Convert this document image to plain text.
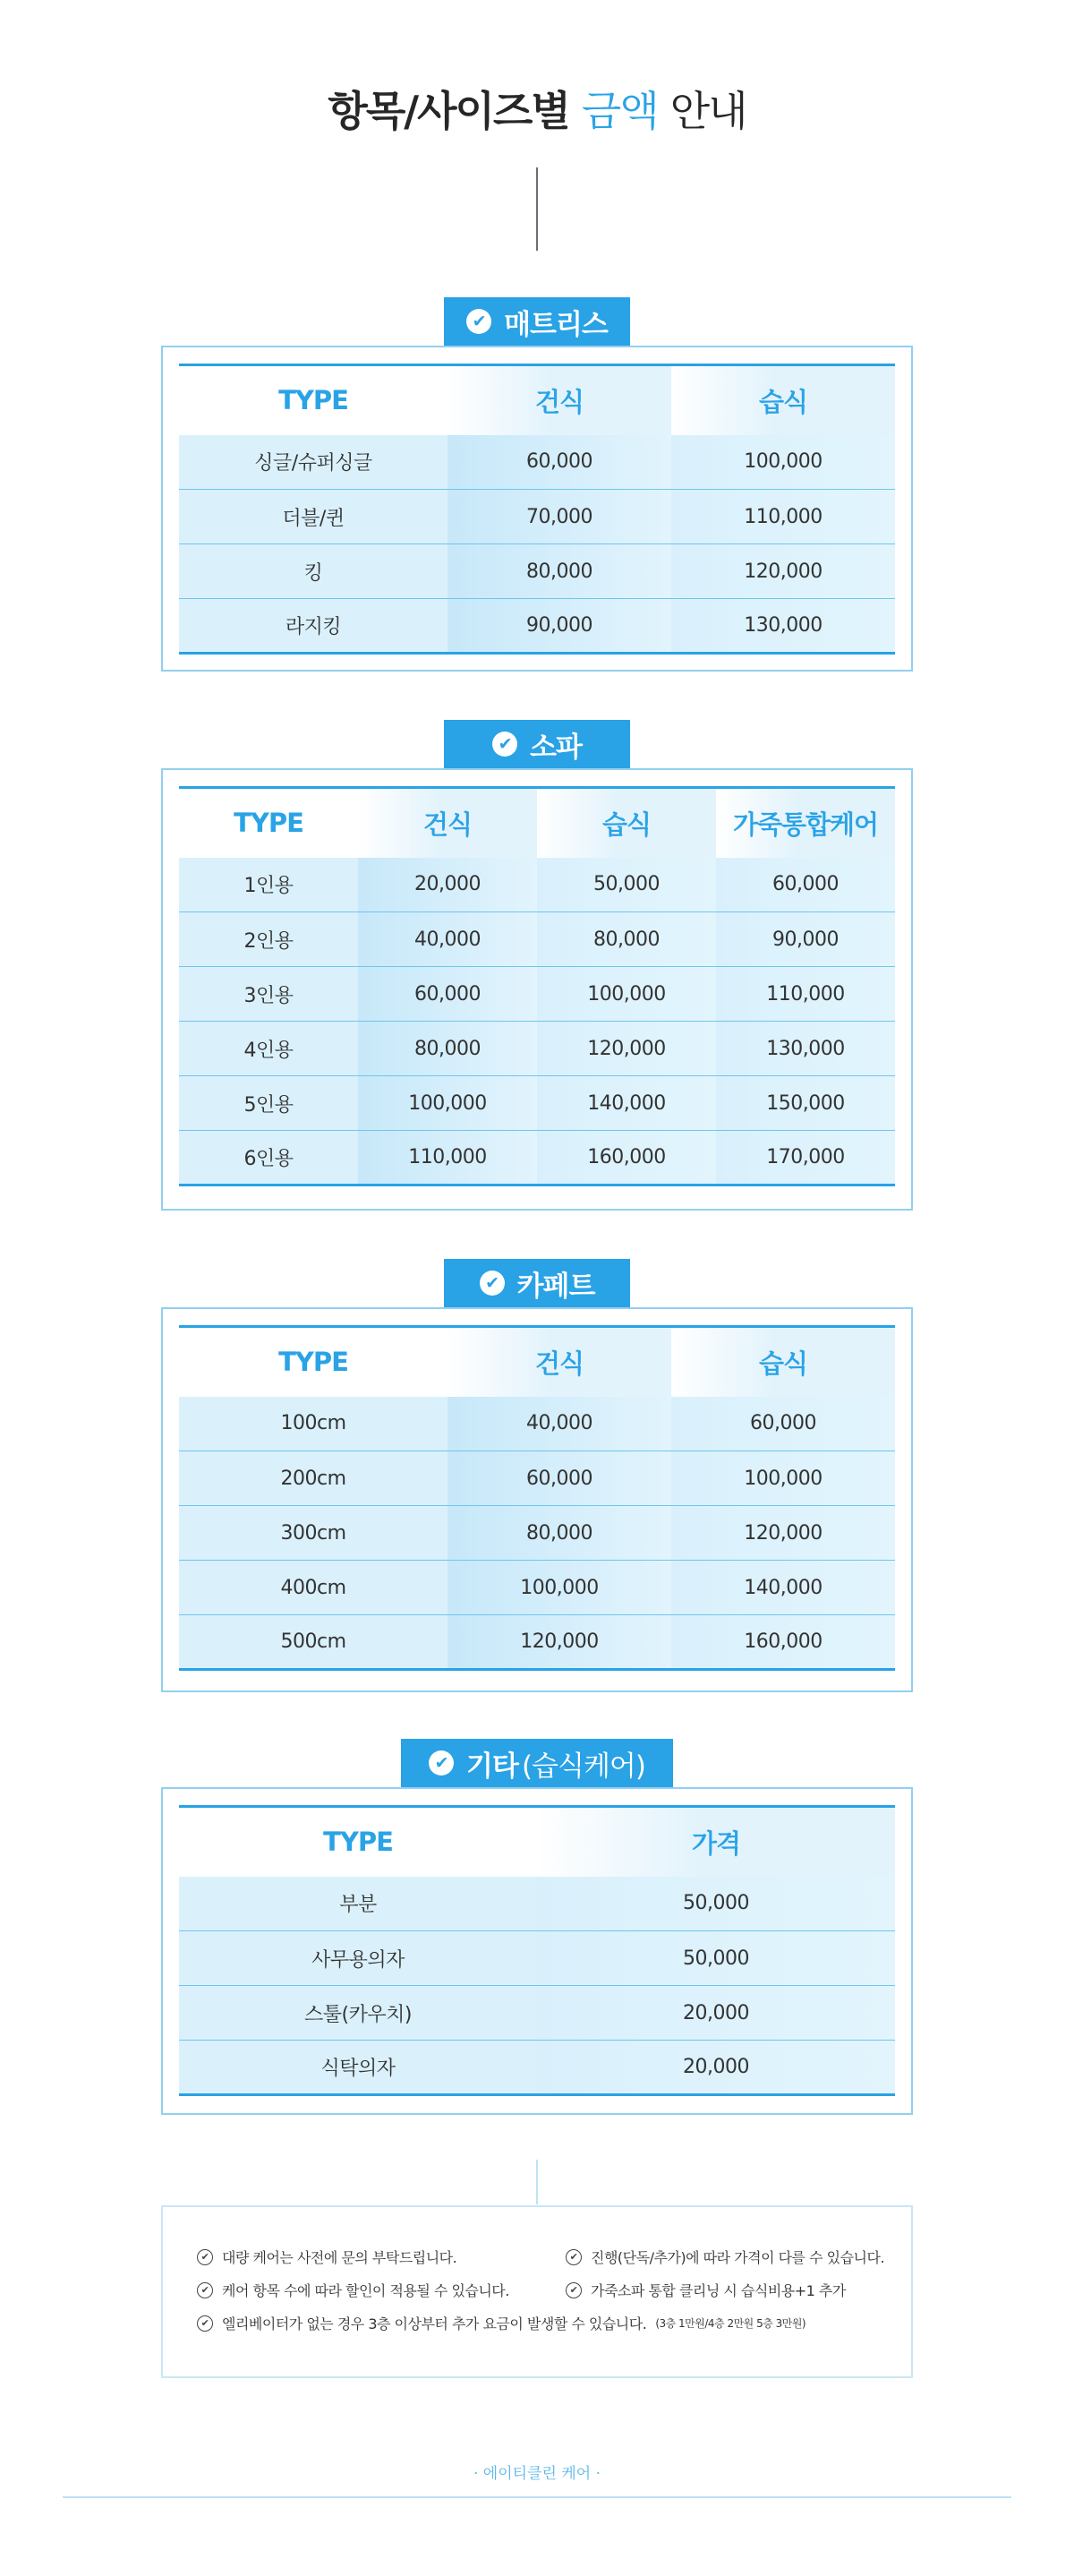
항목/사이즈별 금액 안내
✔ 매트리스
TYPE	건식	습식
싱글/슈퍼싱글	60,000	100,000
더블/퀸	70,000	110,000
킹	80,000	120,000
라지킹	90,000	130,000
✔ 소파
TYPE	건식	습식	가죽통합케어
1인용	20,000	50,000	60,000
2인용	40,000	80,000	90,000
3인용	60,000	100,000	110,000
4인용	80,000	120,000	130,000
5인용	100,000	140,000	150,000
6인용	110,000	160,000	170,000
✔ 카페트
TYPE	건식	습식
100cm	40,000	60,000
200cm	60,000	100,000
300cm	80,000	120,000
400cm	100,000	140,000
500cm	120,000	160,000
✔ 기타 (습식케어)
TYPE	가격
부분	50,000
사무용의자	50,000
스툴(카우치)	20,000
식탁의자	20,000
✔ 대량 케어는 사전에 문의 부탁드립니다.	✔ 진행(단독/추가)에 따라 가격이 다를 수 있습니다.
✔ 케어 항목 수에 따라 할인이 적용될 수 있습니다.	✔ 가죽소파 통합 클리닝 시 습식비용+1 추가
✔ 엘리베이터가 없는 경우 3층 이상부터 추가 요금이 발생할 수 있습니다. (3층 1만원/4층 2만원 5층 3만원)
· 에이티클린 케어 ·
